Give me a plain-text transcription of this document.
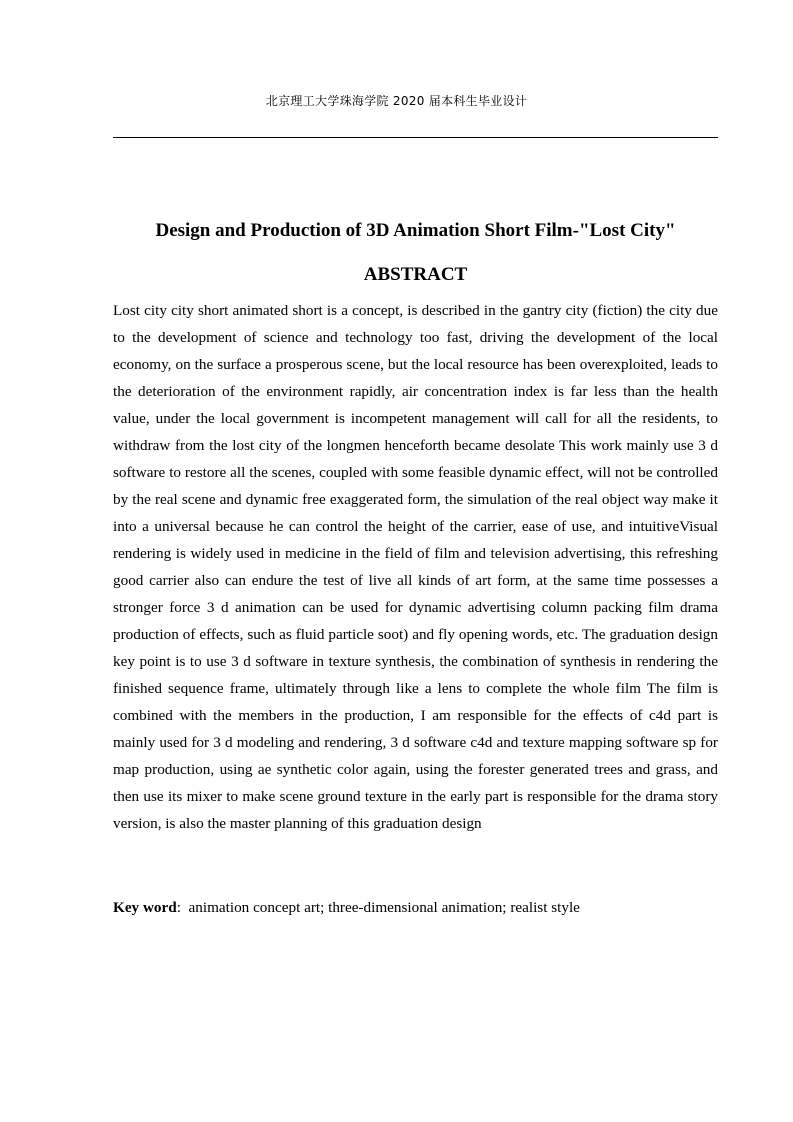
北京理工大学珠海学院 2020 届本科生毕业设计
Design and Production of 3D Animation Short Film-"Lost City"
ABSTRACT
Lost city city short animated short is a concept, is described in the gantry city (fiction) the city due to the development of science and technology too fast, driving the development of the local economy, on the surface a prosperous scene, but the local resource has been overexploited, leads to the deterioration of the environment rapidly, air concentration index is far less than the health value, under the local government is incompetent management will call for all the residents, to withdraw from the lost city of the longmen henceforth became desolate This work mainly use 3 d software to restore all the scenes, coupled with some feasible dynamic effect, will not be controlled by the real scene and dynamic free exaggerated form, the simulation of the real object way make it into a universal because he can control the height of the carrier, ease of use, and intuitiveVisual rendering is widely used in medicine in the field of film and television advertising, this refreshing good carrier also can endure the test of live all kinds of art form, at the same time possesses a stronger force 3 d animation can be used for dynamic advertising column packing film drama production of effects, such as fluid particle soot) and fly opening words, etc. The graduation design key point is to use 3 d software in texture synthesis, the combination of synthesis in rendering the finished sequence frame, ultimately through like a lens to complete the whole film The film is combined with the members in the production, I am responsible for the effects of c4d part is mainly used for 3 d modeling and rendering, 3 d software c4d and texture mapping software sp for map production, using ae synthetic color again, using the forester generated trees and grass, and then use its mixer to make scene ground texture in the early part is responsible for the drama story version, is also the master planning of this graduation design
Key word: animation concept art; three-dimensional animation; realist style
